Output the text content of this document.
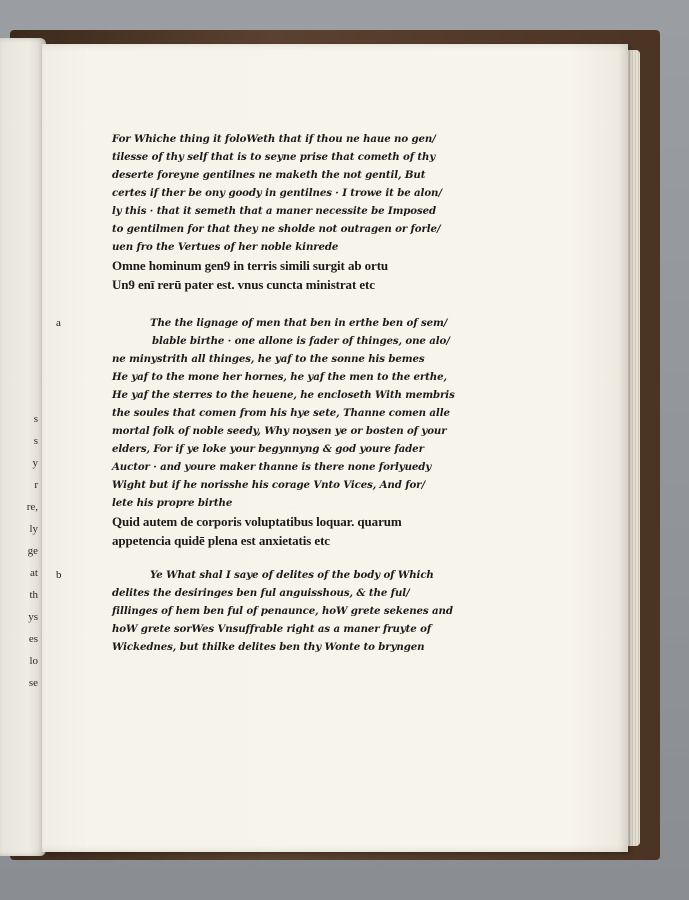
s
s
y
r
re,
ly
ge
at
th
ys
es
lo
se
For Whiche thing it foloWeth that if thou ne haue no gen/
tilesse of thy self that is to seyne prise that cometh of thy
deserte foreyne gentilnes ne maketh the not gentil, But
certes if ther be ony goody in gentilnes · I trowe it be alon/
ly this · that it semeth that a maner necessite be Imposed
to gentilmen for that they ne sholde not outragen or forle/
uen fro the Vertues of her noble kinrede
Omne hominum gen9 in terris simili surgit ab ortu
Un9 enī rerū pater est. vnus cuncta ministrat etc
a	The the lignage of men that ben in erthe ben of sem/
blable birthe · one allone is fader of thinges, one alo/
ne minystrith all thinges, he yaf to the sonne his bemes
He yaf to the mone her hornes, he yaf the men to the erthe,
He yaf the sterres to the heuene, he encloseth With membris
the soules that comen from his hye sete, Thanne comen alle
mortal folk of noble seedy, Why noysen ye or bosten of your
elders, For if ye loke your begynnyng & god youre fader
Auctor · and youre maker thanne is there none forlyuedy
Wight but if he norisshe his corage Vnto Vices, And for/
lete his propre birthe
Quid autem de corporis voluptatibus loquar. quarum
appetencia quidē plena est anxietatis etc
b	Ye What shal I saye of delites of the body of Which
delites the desiringes ben ful anguisshous, & the ful/
fillinges of hem ben ful of penaunce, hoW grete sekenes and
hoW grete sorWes Vnsuffrable right as a maner fruyte of
Wickednes, but thilke delites ben thy Wonte to bryngen
